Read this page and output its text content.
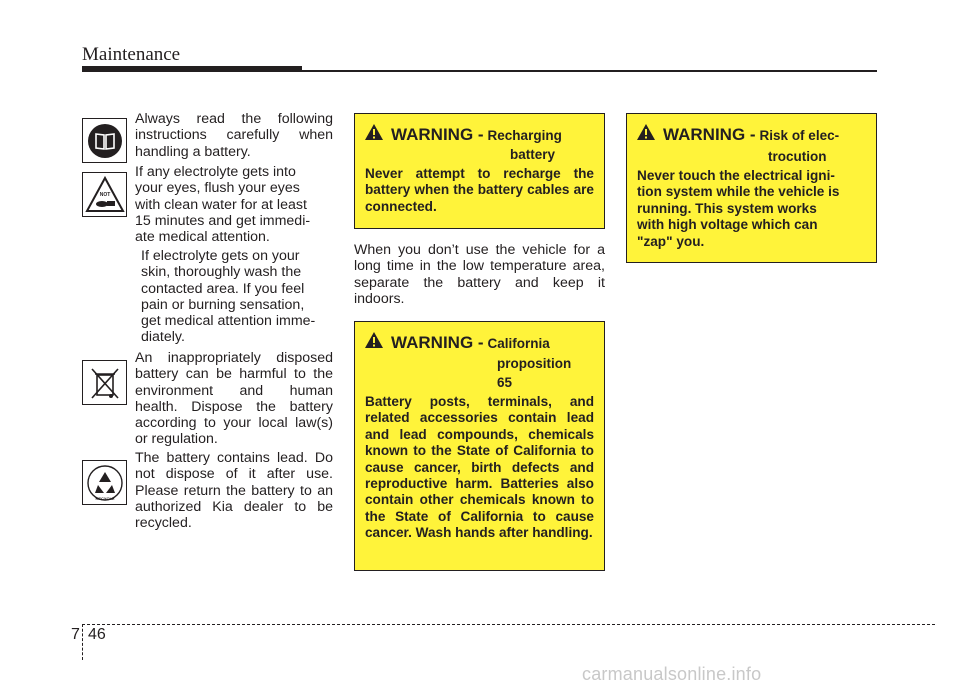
Maintenance
NOT
RECYCLE
Always read the following instructions carefully when handling a battery.
If any electrolyte gets into
your eyes, flush your eyes
with clean water for at least
15 minutes and get immedi-
ate medical attention.
If electrolyte gets on your
skin, thoroughly wash the
contacted area. If you feel
pain or burning sensation,
get medical attention imme-
diately.
An inappropriately disposed battery can be harmful to the environment and human health. Dispose the battery according to your local law(s) or regulation.
The battery contains lead. Do not dispose of it after use. Please return the battery to an authorized Kia dealer to be recycled.
WARNING - Recharging
battery
Never attempt to recharge the battery when the battery cables are connected.
When you don’t use the vehicle for a long time in the low temperature area, separate the battery and keep it indoors.
WARNING - California
proposition
65
Battery posts, terminals, and related accessories contain lead and lead compounds, chemicals known to the State of California to cause cancer, birth defects and reproductive harm. Batteries also contain other chemicals known to the State of California to cause cancer. Wash hands after handling.
WARNING - Risk of elec-
trocution
Never touch the electrical igni-
tion system while the vehicle is
running. This system works
with high voltage which can
"zap" you.
7 46
carmanualsonline.info
